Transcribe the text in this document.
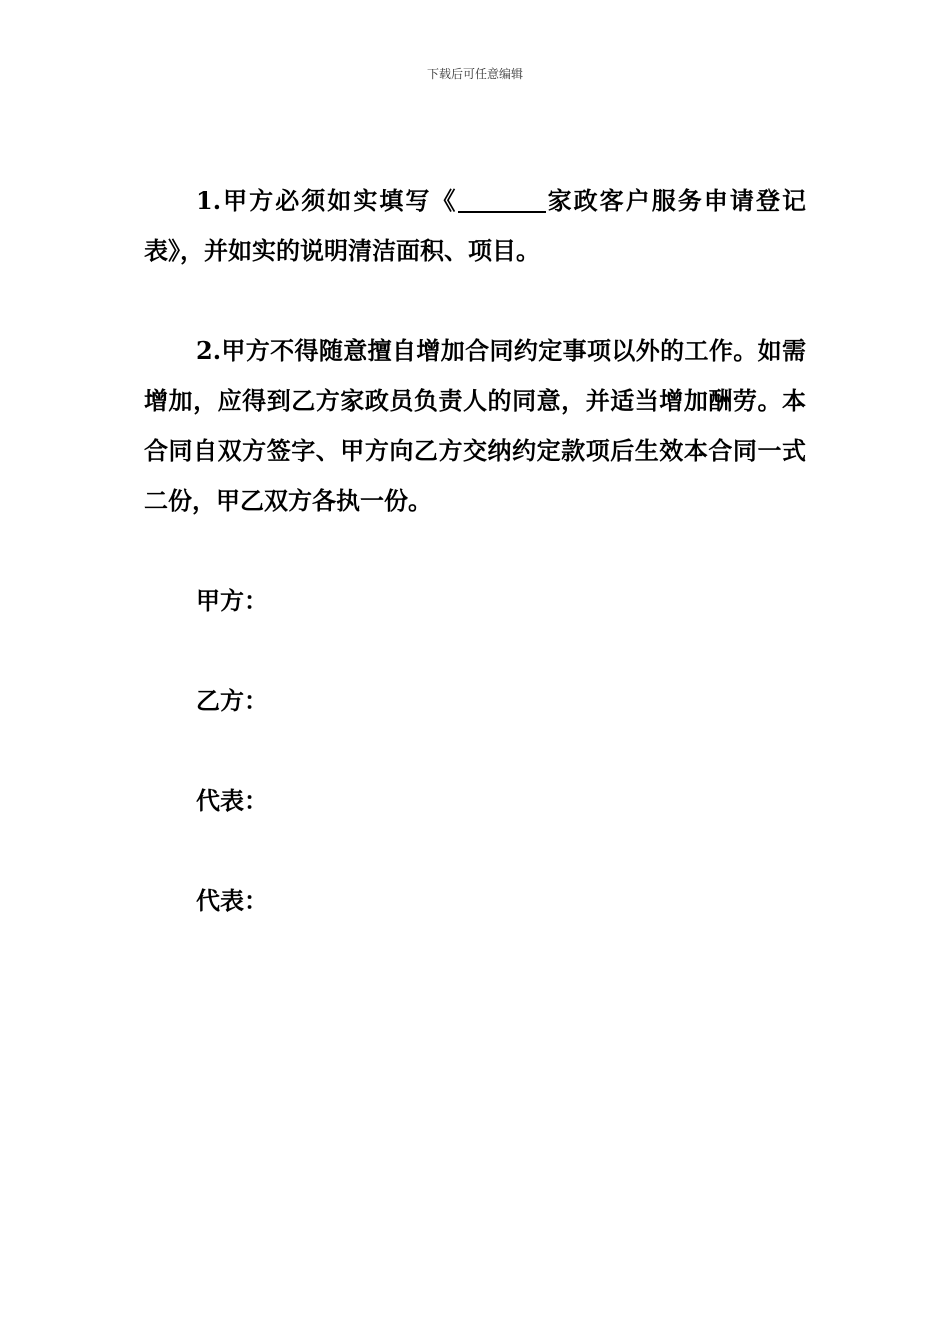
下载后可任意编辑

1.甲方必须如实填写《	家政客户服务申请登记表》，并如实的说明清洁面积、项目。

2.甲方不得随意擅自增加合同约定事项以外的工作。如需增加，应得到乙方家政员负责人的同意，并适当增加酬劳。本合同自双方签字、甲方向乙方交纳约定款项后生效本合同一式二份，甲乙双方各执一份。

甲方：

乙方：

代表：

代表：
